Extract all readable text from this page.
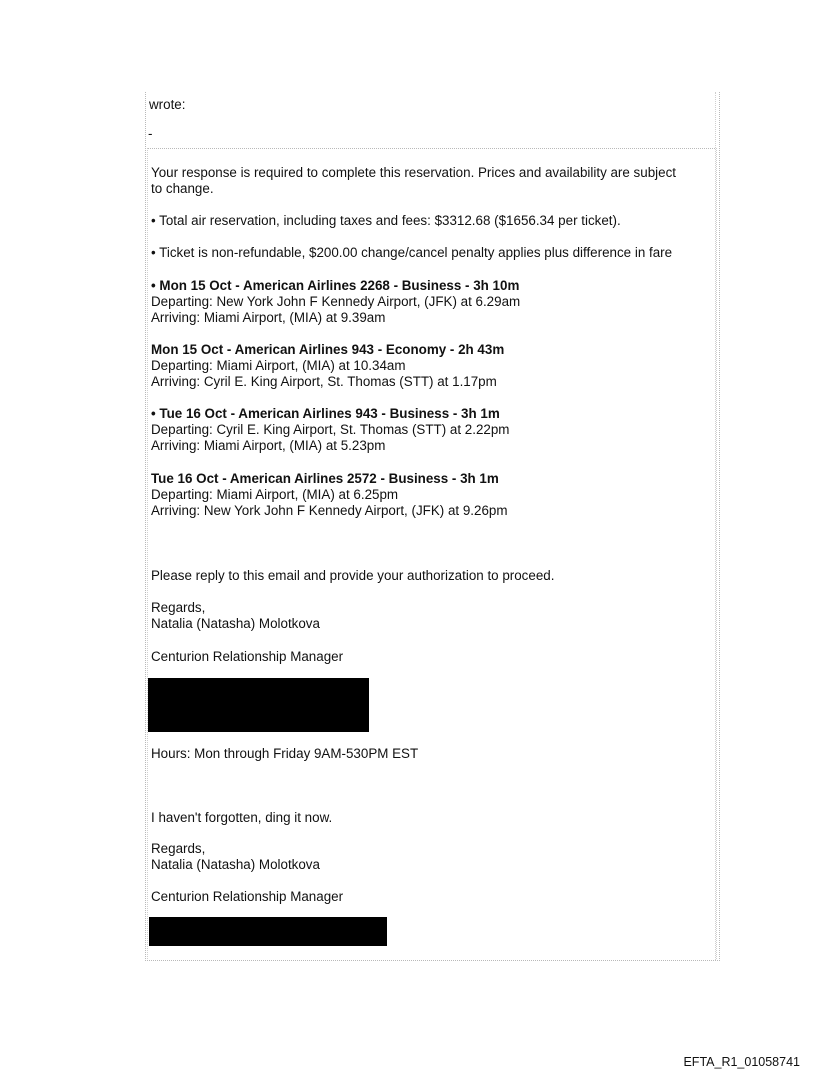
wrote:
-
Your response is required to complete this reservation. Prices and availability are subject
to change.
• Total air reservation, including taxes and fees: $3312.68 ($1656.34 per ticket).
• Ticket is non-refundable, $200.00 change/cancel penalty applies plus difference in fare
• Mon 15 Oct - American Airlines 2268 - Business - 3h 10m
Departing: New York John F Kennedy Airport, (JFK) at 6.29am
Arriving: Miami Airport, (MIA) at 9.39am
Mon 15 Oct - American Airlines 943 - Economy - 2h 43m
Departing: Miami Airport, (MIA) at 10.34am
Arriving: Cyril E. King Airport, St. Thomas (STT) at 1.17pm
• Tue 16 Oct - American Airlines 943 - Business - 3h 1m
Departing: Cyril E. King Airport, St. Thomas (STT) at 2.22pm
Arriving: Miami Airport, (MIA) at 5.23pm
Tue 16 Oct - American Airlines 2572 - Business - 3h 1m
Departing: Miami Airport, (MIA) at 6.25pm
Arriving: New York John F Kennedy Airport, (JFK) at 9.26pm
Please reply to this email and provide your authorization to proceed.
Regards,
Natalia (Natasha) Molotkova
Centurion Relationship Manager
Hours: Mon through Friday 9AM-530PM EST
I haven't forgotten, ding it now.
Regards,
Natalia (Natasha) Molotkova
Centurion Relationship Manager
EFTA_R1_01058741
